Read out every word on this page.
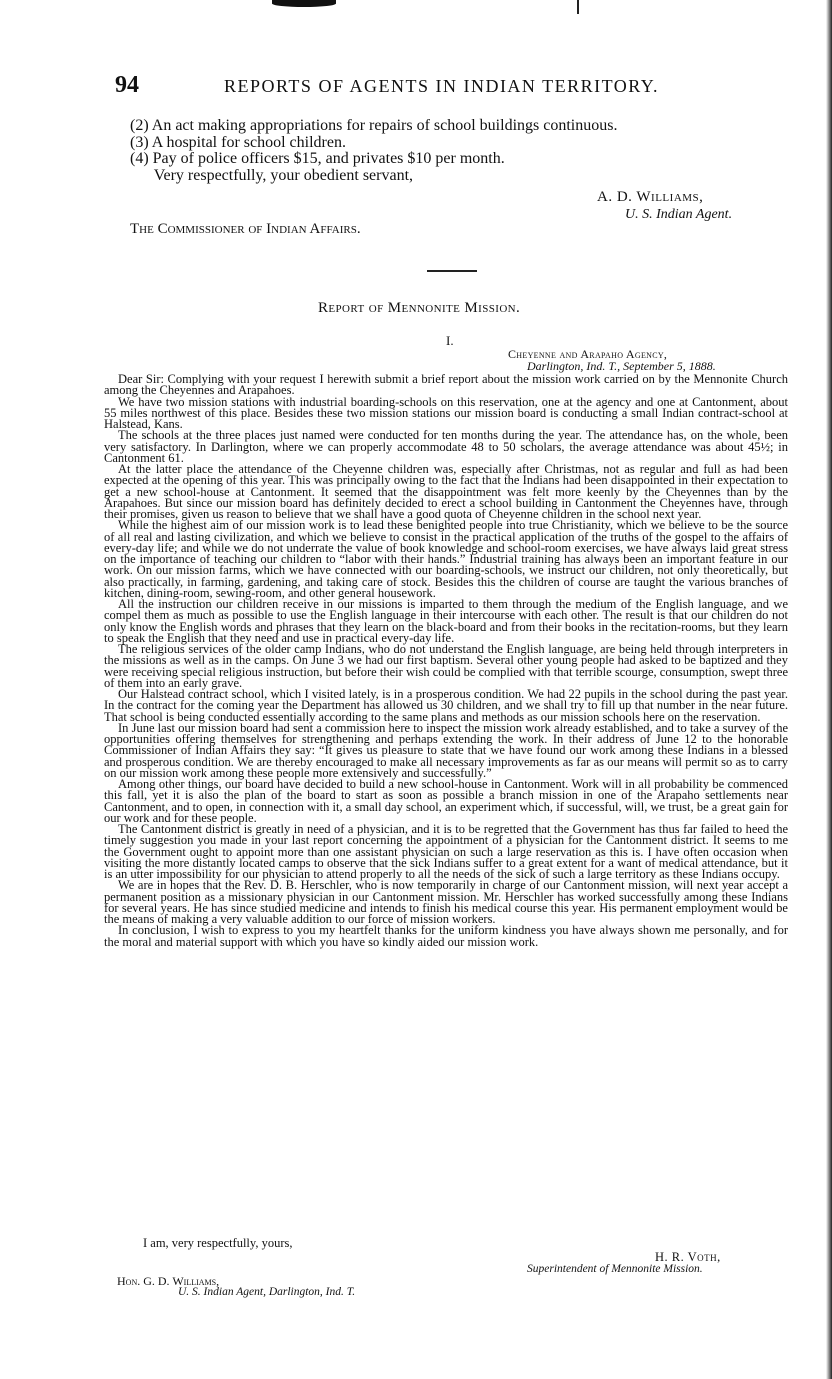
94	REPORTS OF AGENTS IN INDIAN TERRITORY.
(2) An act making appropriations for repairs of school buildings continuous.
(3) A hospital for school children.
(4) Pay of police officers $15, and privates $10 per month.
Very respectfully, your obedient servant,
A. D. Williams,
U. S. Indian Agent.
The Commissioner of Indian Affairs.
Report of Mennonite Mission.
I.
Cheyenne and Arapaho Agency,
Darlington, Ind. T., September 5, 1888.

Dear Sir: Complying with your request I herewith submit a brief report about the mission work carried on by the Mennonite Church among the Cheyennes and Arapahoes.

We have two mission stations with industrial boarding-schools on this reservation, one at the agency and one at Cantonment, about 55 miles northwest of this place. Besides these two mission stations our mission board is conducting a small Indian contract-school at Halstead, Kans.

The schools at the three places just named were conducted for ten months during the year. The attendance has, on the whole, been very satisfactory. In Darlington, where we can properly accommodate 48 to 50 scholars, the average attendance was about 45½; in Cantonment 61.

At the latter place the attendance of the Cheyenne children was, especially after Christmas, not as regular and full as had been expected at the opening of this year. This was principally owing to the fact that the Indians had been disappointed in their expectation to get a new school-house at Cantonment. It seemed that the disappointment was felt more keenly by the Cheyennes than by the Arapahoes. But since our mission board has definitely decided to erect a school building in Cantonment the Cheyennes have, through their promises, given us reason to believe that we shall have a good quota of Cheyenne children in the school next year.

While the highest aim of our mission work is to lead these benighted people into true Christianity, which we believe to be the source of all real and lasting civilization, and which we believe to consist in the practical application of the truths of the gospel to the affairs of every-day life; and while we do not underrate the value of book knowledge and school-room exercises, we have always laid great stress on the importance of teaching our children to “labor with their hands.” Industrial training has always been an important feature in our work. On our mission farms, which we have connected with our boarding-schools, we instruct our children, not only theoretically, but also practically, in farming, gardening, and taking care of stock. Besides this the children of course are taught the various branches of kitchen, dining-room, sewing-room, and other general housework.

All the instruction our children receive in our missions is imparted to them through the medium of the English language, and we compel them as much as possible to use the English language in their intercourse with each other. The result is that our children do not only know the English words and phrases that they learn on the black-board and from their books in the recitation-rooms, but they learn to speak the English that they need and use in practical every-day life.

The religious services of the older camp Indians, who do not understand the English language, are being held through interpreters in the missions as well as in the camps. On June 3 we had our first baptism. Several other young people had asked to be baptized and they were receiving special religious instruction, but before their wish could be complied with that terrible scourge, consumption, swept three of them into an early grave.

Our Halstead contract school, which I visited lately, is in a prosperous condition. We had 22 pupils in the school during the past year. In the contract for the coming year the Department has allowed us 30 children, and we shall try to fill up that number in the near future. That school is being conducted essentially according to the same plans and methods as our mission schools here on the reservation.

In June last our mission board had sent a commission here to inspect the mission work already established, and to take a survey of the opportunities offering themselves for strengthening and perhaps extending the work. In their address of June 12 to the honorable Commissioner of Indian Affairs they say: “It gives us pleasure to state that we have found our work among these Indians in a blessed and prosperous condition. We are thereby encouraged to make all necessary improvements as far as our means will permit so as to carry on our mission work among these people more extensively and successfully.”

Among other things, our board have decided to build a new school-house in Cantonment. Work will in all probability be commenced this fall, yet it is also the plan of the board to start as soon as possible a branch mission in one of the Arapaho settlements near Cantonment, and to open, in connection with it, a small day school, an experiment which, if successful, will, we trust, be a great gain for our work and for these people.

The Cantonment district is greatly in need of a physician, and it is to be regretted that the Government has thus far failed to heed the timely suggestion you made in your last report concerning the appointment of a physician for the Cantonment district. It seems to me the Government ought to appoint more than one assistant physician on such a large reservation as this is. I have often occasion when visiting the more distantly located camps to observe that the sick Indians suffer to a great extent for a want of medical attendance, but it is an utter impossibility for our physician to attend properly to all the needs of the sick of such a large territory as these Indians occupy.

We are in hopes that the Rev. D. B. Herschler, who is now temporarily in charge of our Cantonment mission, will next year accept a permanent position as a missionary physician in our Cantonment mission. Mr. Herschler has worked successfully among these Indians for several years. He has since studied medicine and intends to finish his medical course this year. His permanent employment would be the means of making a very valuable addition to our force of mission workers.

In conclusion, I wish to express to you my heartfelt thanks for the uniform kindness you have always shown me personally, and for the moral and material support with which you have so kindly aided our mission work.

I am, very respectfully, yours,
H. R. Voth,
Superintendent of Mennonite Mission.
Hon. G. D. Williams,
U. S. Indian Agent, Darlington, Ind. T.
